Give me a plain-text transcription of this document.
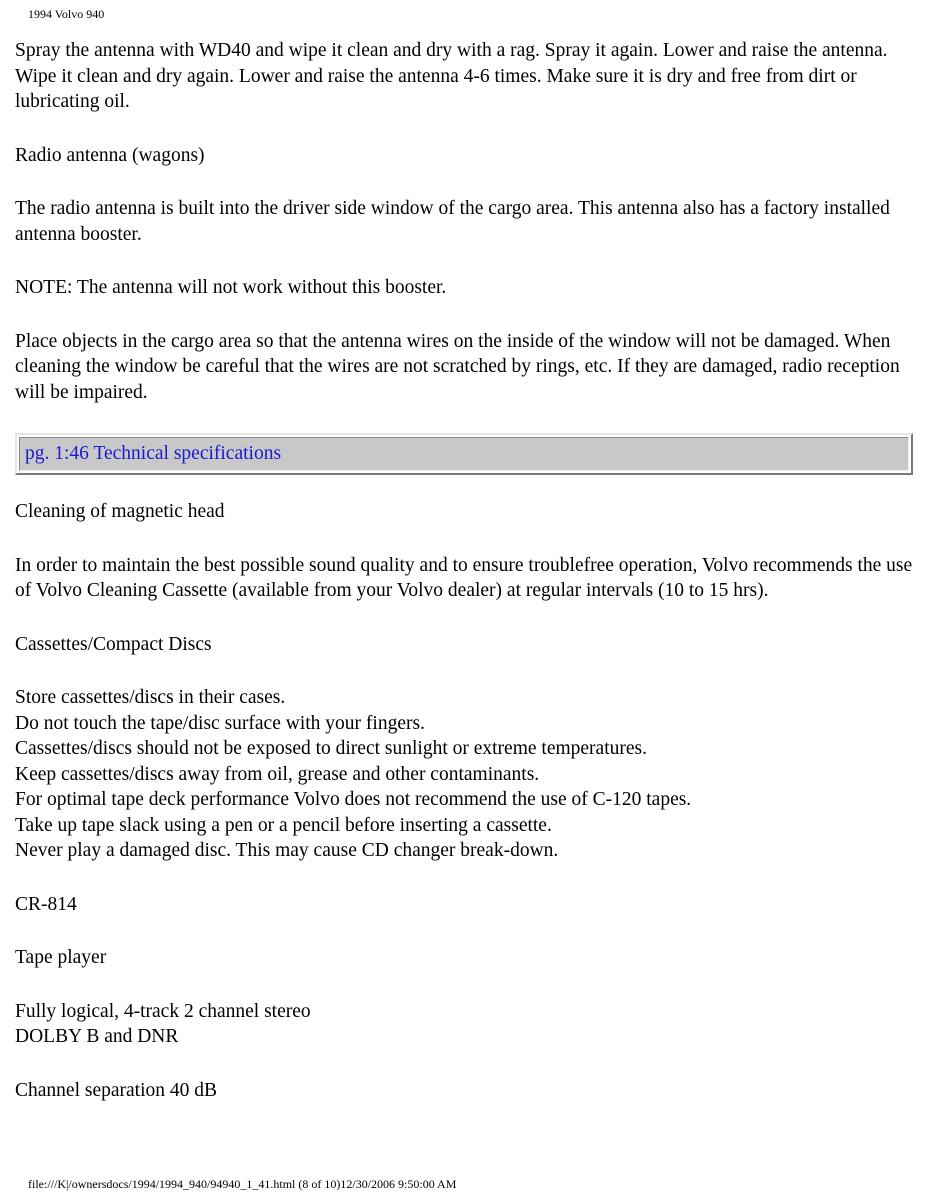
1994 Volvo 940

Spray the antenna with WD40 and wipe it clean and dry with a rag. Spray it again. Lower and raise the antenna. Wipe it clean and dry again. Lower and raise the antenna 4-6 times. Make sure it is dry and free from dirt or lubricating oil.

Radio antenna (wagons)

The radio antenna is built into the driver side window of the cargo area. This antenna also has a factory installed antenna booster.

NOTE: The antenna will not work without this booster.

Place objects in the cargo area so that the antenna wires on the inside of the window will not be damaged. When cleaning the window be careful that the wires are not scratched by rings, etc. If they are damaged, radio reception will be impaired.

pg. 1:46 Technical specifications

Cleaning of magnetic head

In order to maintain the best possible sound quality and to ensure troublefree operation, Volvo recommends the use of Volvo Cleaning Cassette (available from your Volvo dealer) at regular intervals (10 to 15 hrs).

Cassettes/Compact Discs

Store cassettes/discs in their cases.
Do not touch the tape/disc surface with your fingers.
Cassettes/discs should not be exposed to direct sunlight or extreme temperatures.
Keep cassettes/discs away from oil, grease and other contaminants.
For optimal tape deck performance Volvo does not recommend the use of C-120 tapes.
Take up tape slack using a pen or a pencil before inserting a cassette.
Never play a damaged disc. This may cause CD changer break-down.

CR-814

Tape player

Fully logical, 4-track 2 channel stereo
DOLBY B and DNR

Channel separation 40 dB

file:///K|/ownersdocs/1994/1994_940/94940_1_41.html (8 of 10)12/30/2006 9:50:00 AM
